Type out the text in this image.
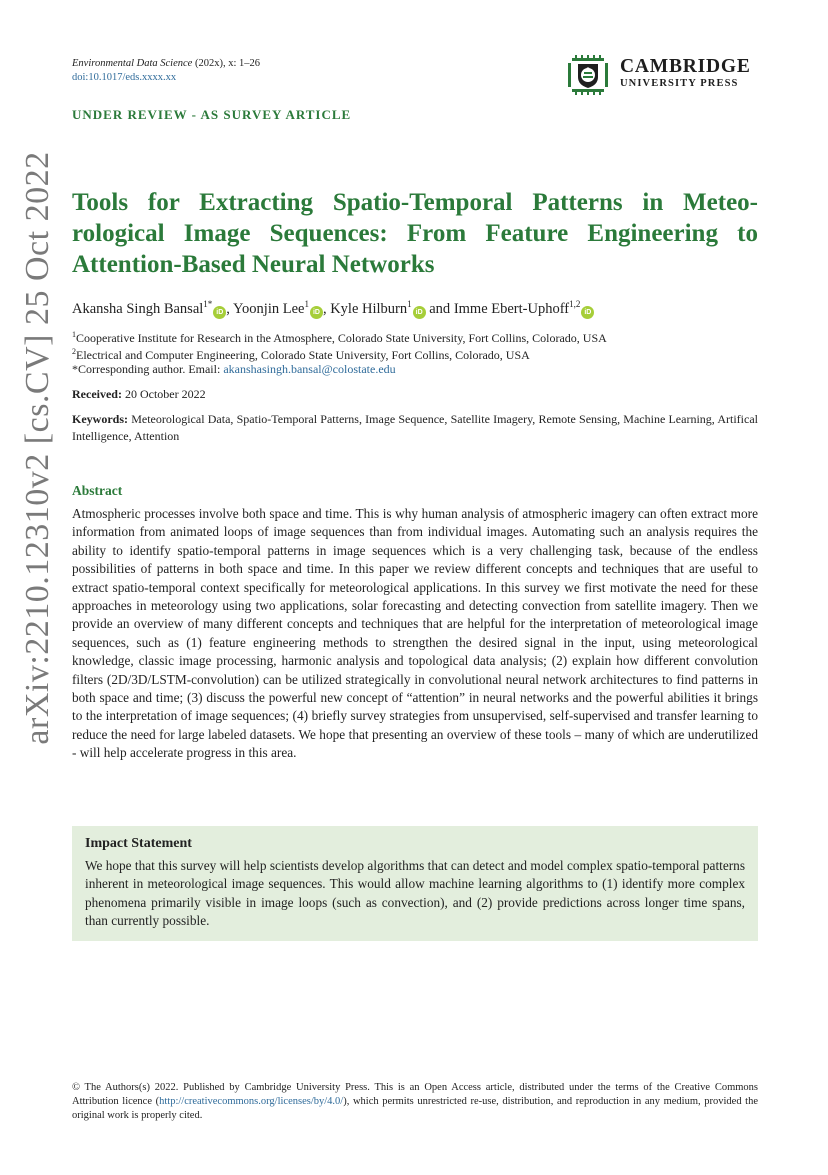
arXiv:2210.12310v2 [cs.CV] 25 Oct 2022
Environmental Data Science (202x), x: 1–26
doi:10.1017/eds.xxxx.xx
CAMBRIDGE
UNIVERSITY PRESS
UNDER REVIEW - AS SURVEY ARTICLE
Tools for Extracting Spatio-Temporal Patterns in Meteo-rological Image Sequences: From Feature Engineering to Attention-Based Neural Networks
Akansha Singh Bansal$^{1*}$iD , Yoonjin Lee$^1$iD , Kyle Hilburn$^1$iD and Imme Ebert-Uphoff$^{1,2}$iD
$^1$Cooperative Institute for Research in the Atmosphere, Colorado State University, Fort Collins, Colorado, USA
$^2$Electrical and Computer Engineering, Colorado State University, Fort Collins, Colorado, USA
*Corresponding author. Email: akanshasingh.bansal@colostate.edu
Received: 20 October 2022
Keywords: Meteorological Data, Spatio-Temporal Patterns, Image Sequence, Satellite Imagery, Remote Sensing, Machine Learning, Artifical Intelligence, Attention
Abstract
Atmospheric processes involve both space and time. This is why human analysis of atmospheric imagery can often extract more information from animated loops of image sequences than from individual images. Automating such an analysis requires the ability to identify spatio-temporal patterns in image sequences which is a very challenging task, because of the endless possibilities of patterns in both space and time. In this paper we review different concepts and techniques that are useful to extract spatio-temporal context specifically for meteorological applications. In this survey we first motivate the need for these approaches in meteorology using two applications, solar forecasting and detecting convection from satellite imagery. Then we provide an overview of many different concepts and techniques that are helpful for the interpretation of meteorological image sequences, such as (1) feature engineering methods to strengthen the desired signal in the input, using meteorological knowledge, classic image processing, harmonic analysis and topological data analysis; (2) explain how different convolution filters (2D/3D/LSTM-convolution) can be utilized strategically in convolutional neural network architectures to find patterns in both space and time; (3) discuss the powerful new concept of “attention” in neural networks and the powerful abilities it brings to the interpretation of image sequences; (4) briefly survey strategies from unsupervised, self-supervised and transfer learning to reduce the need for large labeled datasets. We hope that presenting an overview of these tools – many of which are underutilized - will help accelerate progress in this area.
Impact Statement
We hope that this survey will help scientists develop algorithms that can detect and model complex spatio-temporal patterns inherent in meteorological image sequences. This would allow machine learning algorithms to (1) identify more complex phenomena primarily visible in image loops (such as convection), and (2) provide predictions across longer time spans, than currently possible.
© The Authors(s) 2022. Published by Cambridge University Press. This is an Open Access article, distributed under the terms of the Creative Commons Attribution licence (http://creativecommons.org/licenses/by/4.0/), which permits unrestricted re-use, distribution, and reproduction in any medium, provided the original work is properly cited.
